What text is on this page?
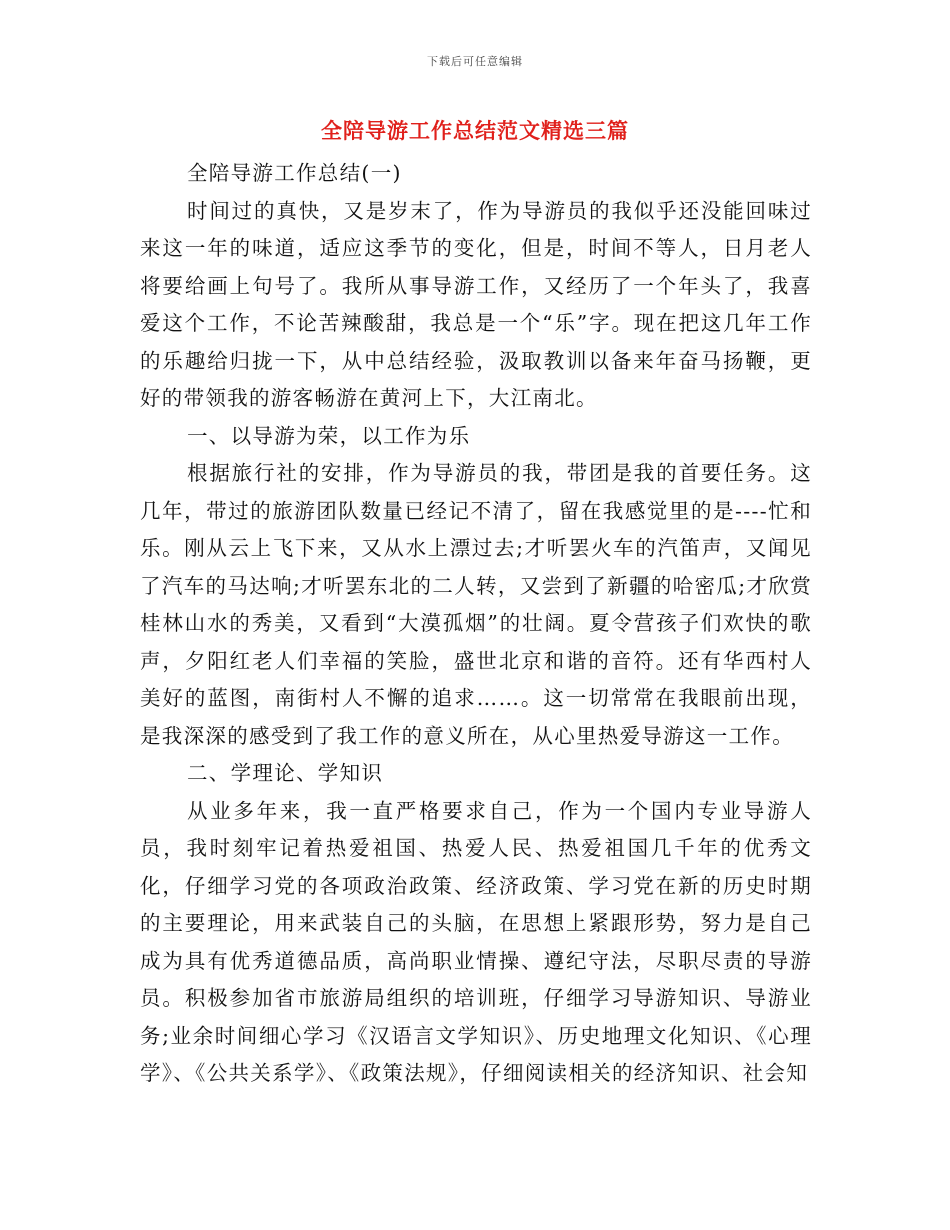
下载后可任意编辑
全陪导游工作总结范文精选三篇

全陪导游工作总结(一)

时间过的真快，又是岁末了，作为导游员的我似乎还没能回味过来这一年的味道，适应这季节的变化，但是，时间不等人，日月老人将要给画上句号了。我所从事导游工作，又经历了一个年头了，我喜爱这个工作，不论苦辣酸甜，我总是一个“乐”字。现在把这几年工作的乐趣给归拢一下，从中总结经验，汲取教训以备来年奋马扬鞭，更好的带领我的游客畅游在黄河上下，大江南北。

一、以导游为荣，以工作为乐

根据旅行社的安排，作为导游员的我，带团是我的首要任务。这几年，带过的旅游团队数量已经记不清了，留在我感觉里的是----忙和乐。刚从云上飞下来，又从水上漂过去;才听罢火车的汽笛声，又闻见了汽车的马达响;才听罢东北的二人转，又尝到了新疆的哈密瓜;才欣赏桂林山水的秀美，又看到“大漠孤烟”的壮阔。夏令营孩子们欢快的歌声，夕阳红老人们幸福的笑脸，盛世北京和谐的音符。还有华西村人美好的蓝图，南街村人不懈的追求……。这一切常常在我眼前出现，是我深深的感受到了我工作的意义所在，从心里热爱导游这一工作。

二、学理论、学知识

从业多年来，我一直严格要求自己，作为一个国内专业导游人员，我时刻牢记着热爱祖国、热爱人民、热爱祖国几千年的优秀文化，仔细学习党的各项政治政策、经济政策、学习党在新的历史时期的主要理论，用来武装自己的头脑，在思想上紧跟形势，努力是自己成为具有优秀道德品质，高尚职业情操、遵纪守法，尽职尽责的导游员。积极参加省市旅游局组织的培训班，仔细学习导游知识、导游业务;业余时间细心学习《汉语言文学知识》、历史地理文化知识、《心理学》、《公共关系学》、《政策法规》，仔细阅读相关的经济知识、社会知
